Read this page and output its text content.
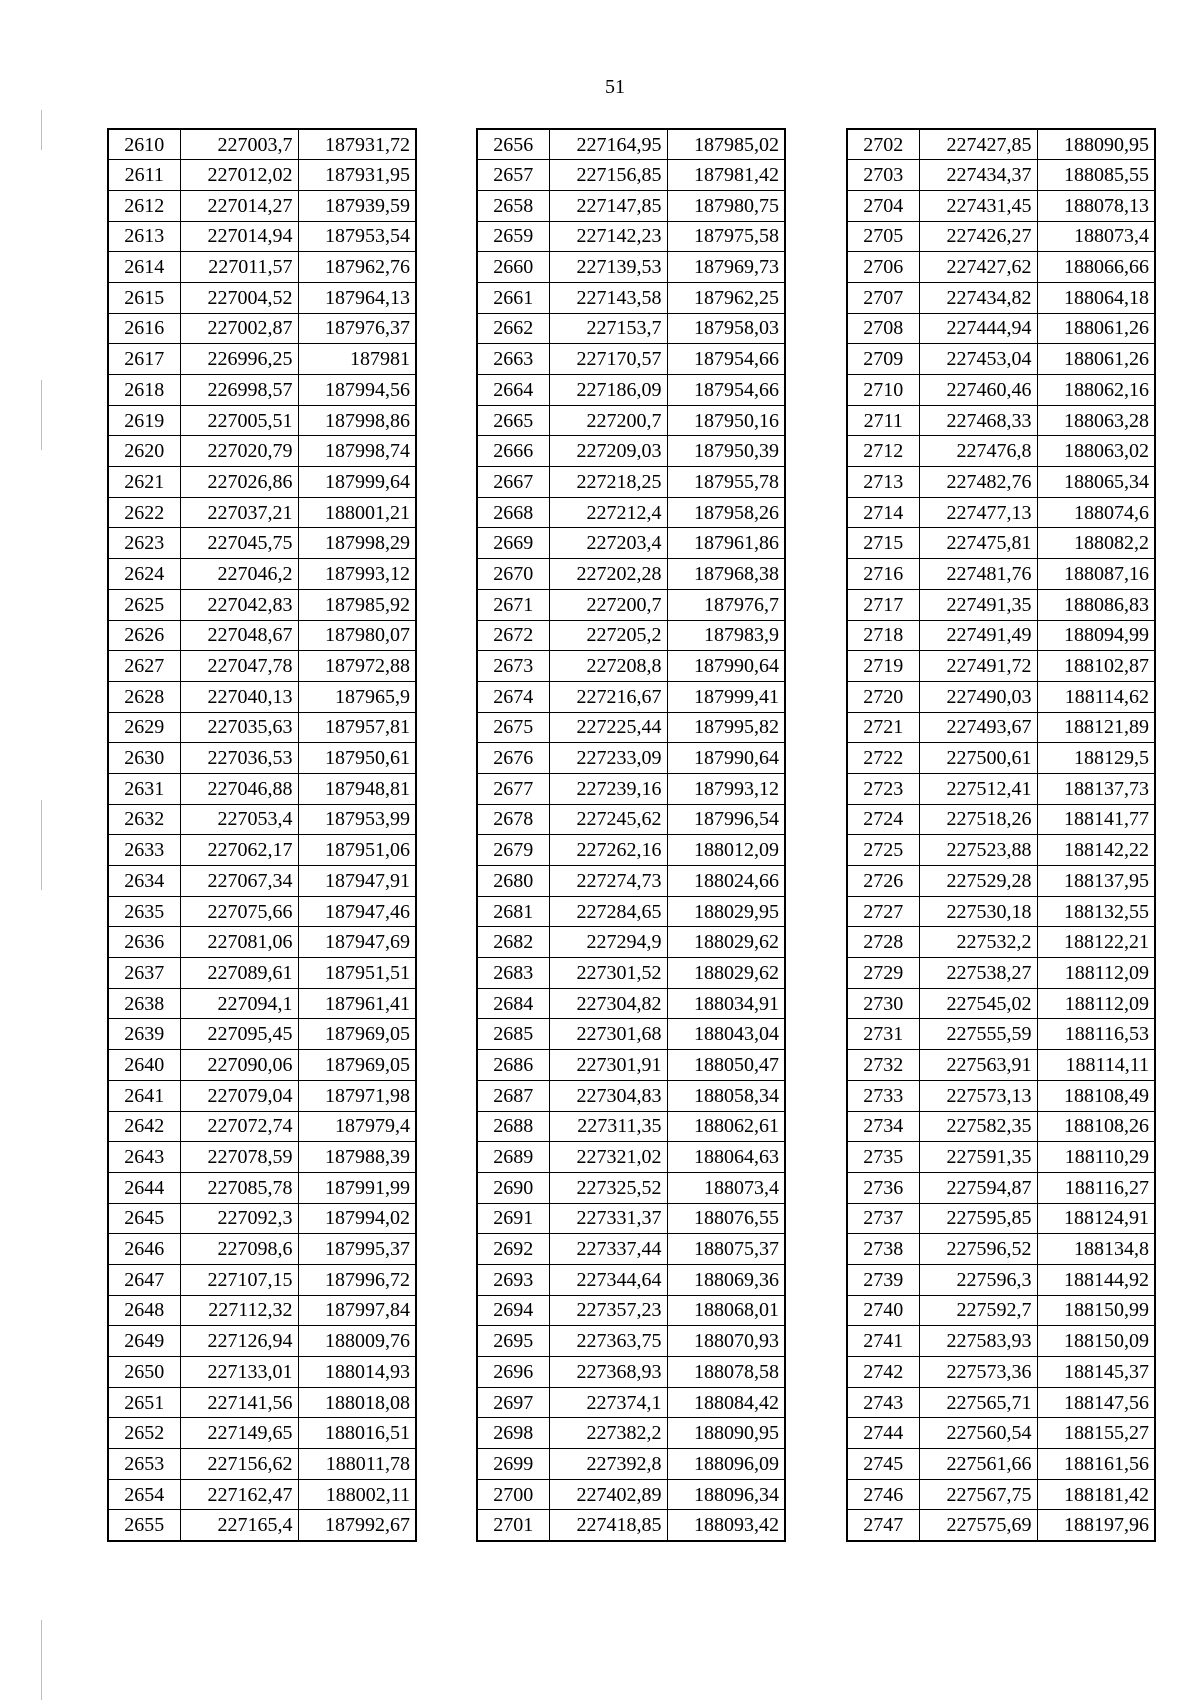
51
2610	227003,7	187931,72
2611	227012,02	187931,95
2612	227014,27	187939,59
2613	227014,94	187953,54
2614	227011,57	187962,76
2615	227004,52	187964,13
2616	227002,87	187976,37
2617	226996,25	187981
2618	226998,57	187994,56
2619	227005,51	187998,86
2620	227020,79	187998,74
2621	227026,86	187999,64
2622	227037,21	188001,21
2623	227045,75	187998,29
2624	227046,2	187993,12
2625	227042,83	187985,92
2626	227048,67	187980,07
2627	227047,78	187972,88
2628	227040,13	187965,9
2629	227035,63	187957,81
2630	227036,53	187950,61
2631	227046,88	187948,81
2632	227053,4	187953,99
2633	227062,17	187951,06
2634	227067,34	187947,91
2635	227075,66	187947,46
2636	227081,06	187947,69
2637	227089,61	187951,51
2638	227094,1	187961,41
2639	227095,45	187969,05
2640	227090,06	187969,05
2641	227079,04	187971,98
2642	227072,74	187979,4
2643	227078,59	187988,39
2644	227085,78	187991,99
2645	227092,3	187994,02
2646	227098,6	187995,37
2647	227107,15	187996,72
2648	227112,32	187997,84
2649	227126,94	188009,76
2650	227133,01	188014,93
2651	227141,56	188018,08
2652	227149,65	188016,51
2653	227156,62	188011,78
2654	227162,47	188002,11
2655	227165,4	187992,67
2656	227164,95	187985,02
2657	227156,85	187981,42
2658	227147,85	187980,75
2659	227142,23	187975,58
2660	227139,53	187969,73
2661	227143,58	187962,25
2662	227153,7	187958,03
2663	227170,57	187954,66
2664	227186,09	187954,66
2665	227200,7	187950,16
2666	227209,03	187950,39
2667	227218,25	187955,78
2668	227212,4	187958,26
2669	227203,4	187961,86
2670	227202,28	187968,38
2671	227200,7	187976,7
2672	227205,2	187983,9
2673	227208,8	187990,64
2674	227216,67	187999,41
2675	227225,44	187995,82
2676	227233,09	187990,64
2677	227239,16	187993,12
2678	227245,62	187996,54
2679	227262,16	188012,09
2680	227274,73	188024,66
2681	227284,65	188029,95
2682	227294,9	188029,62
2683	227301,52	188029,62
2684	227304,82	188034,91
2685	227301,68	188043,04
2686	227301,91	188050,47
2687	227304,83	188058,34
2688	227311,35	188062,61
2689	227321,02	188064,63
2690	227325,52	188073,4
2691	227331,37	188076,55
2692	227337,44	188075,37
2693	227344,64	188069,36
2694	227357,23	188068,01
2695	227363,75	188070,93
2696	227368,93	188078,58
2697	227374,1	188084,42
2698	227382,2	188090,95
2699	227392,8	188096,09
2700	227402,89	188096,34
2701	227418,85	188093,42
2702	227427,85	188090,95
2703	227434,37	188085,55
2704	227431,45	188078,13
2705	227426,27	188073,4
2706	227427,62	188066,66
2707	227434,82	188064,18
2708	227444,94	188061,26
2709	227453,04	188061,26
2710	227460,46	188062,16
2711	227468,33	188063,28
2712	227476,8	188063,02
2713	227482,76	188065,34
2714	227477,13	188074,6
2715	227475,81	188082,2
2716	227481,76	188087,16
2717	227491,35	188086,83
2718	227491,49	188094,99
2719	227491,72	188102,87
2720	227490,03	188114,62
2721	227493,67	188121,89
2722	227500,61	188129,5
2723	227512,41	188137,73
2724	227518,26	188141,77
2725	227523,88	188142,22
2726	227529,28	188137,95
2727	227530,18	188132,55
2728	227532,2	188122,21
2729	227538,27	188112,09
2730	227545,02	188112,09
2731	227555,59	188116,53
2732	227563,91	188114,11
2733	227573,13	188108,49
2734	227582,35	188108,26
2735	227591,35	188110,29
2736	227594,87	188116,27
2737	227595,85	188124,91
2738	227596,52	188134,8
2739	227596,3	188144,92
2740	227592,7	188150,99
2741	227583,93	188150,09
2742	227573,36	188145,37
2743	227565,71	188147,56
2744	227560,54	188155,27
2745	227561,66	188161,56
2746	227567,75	188181,42
2747	227575,69	188197,96
